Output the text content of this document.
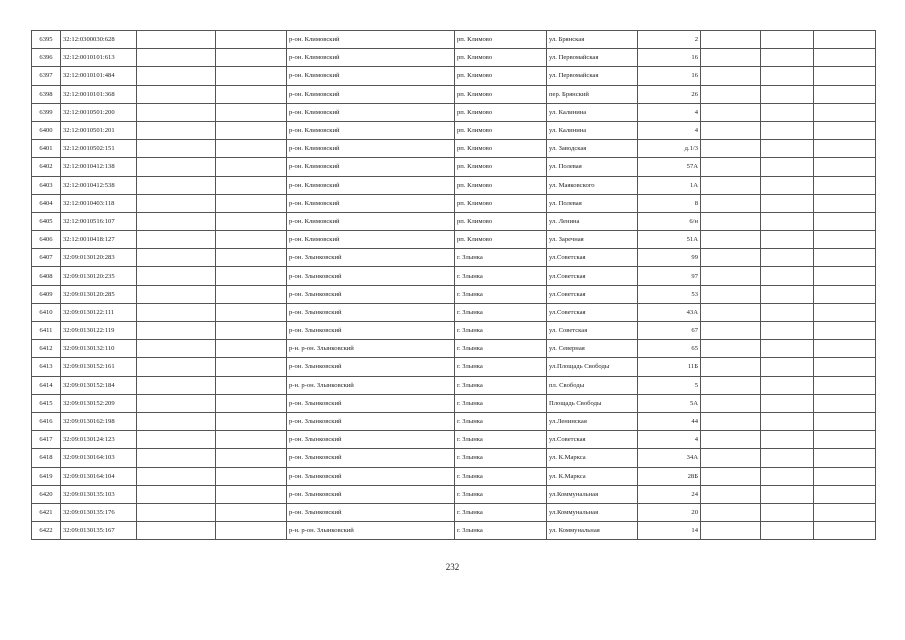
6395	32:12:0300030:628			р-он. Климовский	рп. Климово	ул. Брянская	2			
6396	32:12:0010101:613			р-он. Климовский	рп. Климово	ул. Первомайская	16			
6397	32:12:0010101:484			р-он. Климовский	рп. Климово	ул. Первомайская	16			
6398	32:12:0010101:368			р-он. Климовский	рп. Климово	пер. Брянский	26			
6399	32:12:0010501:200			р-он. Климовский	рп. Климово	ул. Калинина	4			
6400	32:12:0010501:201			р-он. Климовский	рп. Климово	ул. Калинина	4			
6401	32:12:0010502:151			р-он. Климовский	рп. Климово	ул. Заводская	д.1/3			
6402	32:12:0010412:138			р-он. Климовский	рп. Климово	ул. Полевая	57А			
6403	32:12:0010412:538			р-он. Климовский	рп. Климово	ул. Маяковского	1А			
6404	32:12:0010403:118			р-он. Климовский	рп. Климово	ул. Полевая	8			
6405	32:12:0010516:107			р-он. Климовский	рп. Климово	ул. Ленина	6/н			
6406	32:12:0010418:127			р-он. Климовский	рп. Климово	ул. Заречная	51А			
6407	32:09:0130120:283			р-он. Злынковский	г. Злынка	ул.Советская	99			
6408	32:09:0130120:235			р-он. Злынковский	г. Злынка	ул.Советская	97			
6409	32:09:0130120:285			р-он. Злынковский	г. Злынка	ул.Советская	53			
6410	32:09:0130122:111			р-он. Злынковский	г. Злынка	ул.Советская	43А			
6411	32:09:0130122:119			р-он. Злынковский	г. Злынка	ул. Советская	67			
6412	32:09:0130132:110			р-н. р-он. Злынковский	г. Злынка	ул. Северная	65			
6413	32:09:0130152:161			р-он. Злынковский	г. Злынка	ул.Площадь Свободы	11Б			
6414	32:09:0130152:184			р-н. р-он. Злынковский	г. Злынка	пл. Свободы	5			
6415	32:09:0130152:209			р-он. Злынковский	г. Злынка	Площадь Свободы	5А			
6416	32:09:0130162:198			р-он. Злынковский	г. Злынка	ул.Ленинская	44			
6417	32:09:0130124:123			р-он. Злынковский	г. Злынка	ул.Советская	4			
6418	32:09:0130164:103			р-он. Злынковский	г. Злынка	ул. К.Маркса	34А			
6419	32:09:0130164:104			р-он. Злынковский	г. Злынка	ул. К.Маркса	28Б			
6420	32:09:0130135:103			р-он. Злынковский	г. Злынка	ул.Коммунальная	24			
6421	32:09:0130135:176			р-он. Злынковский	г. Злынка	ул.Коммунальная	20			
6422	32:09:0130135:167			р-н. р-он. Злынковский	г. Злынка	ул. Коммунальная	14			
232
